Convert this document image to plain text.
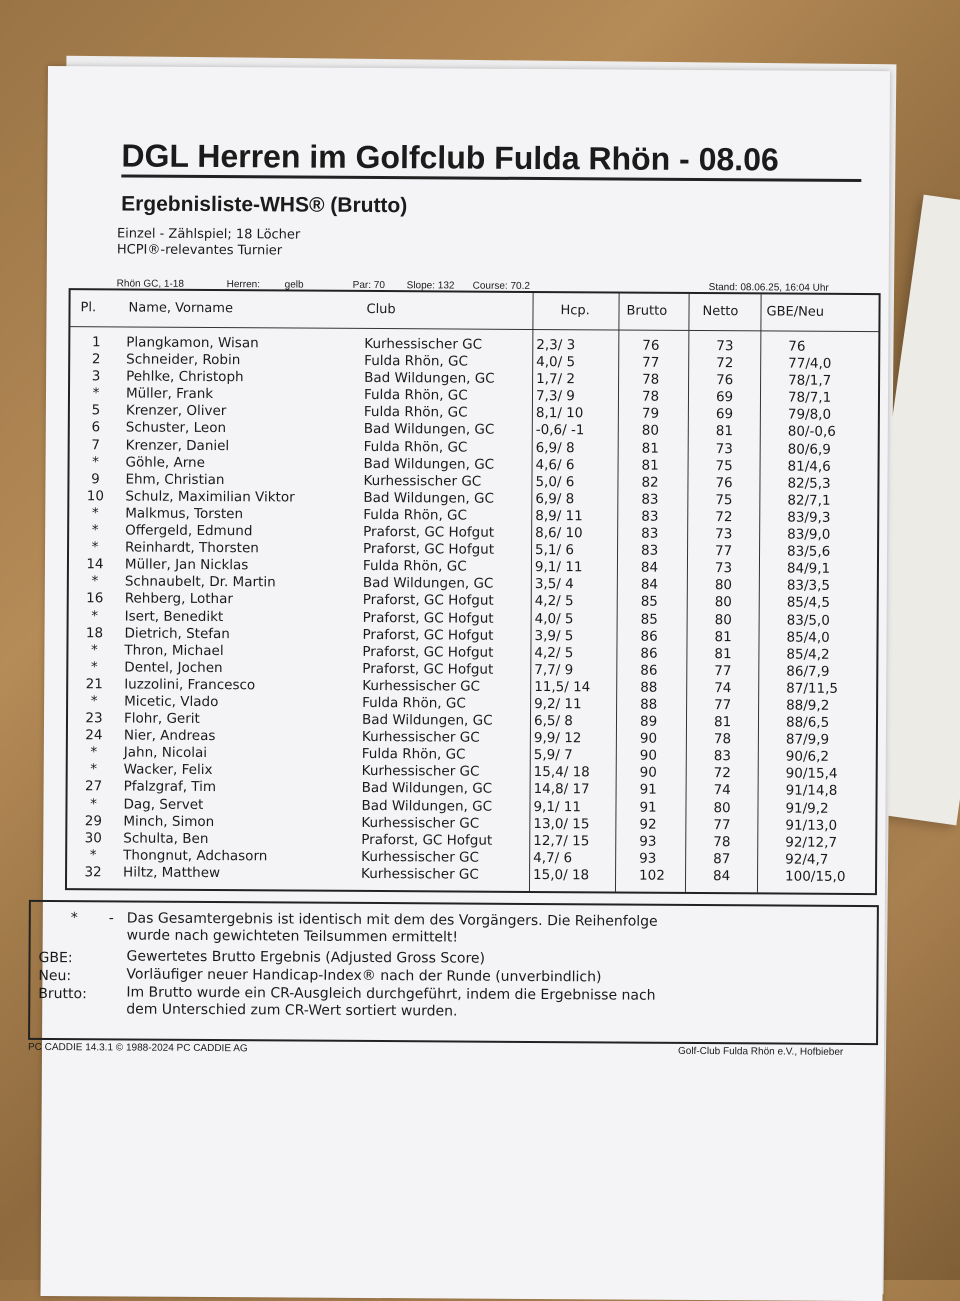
DGL Herren im Golfclub Fulda Rhön - 08.06
Ergebnisliste-WHS® (Brutto)
Einzel - Zählspiel; 18 Löcher
HCPI®-relevantes Turnier
Rhön GC, 1-18	Herren: gelb	Par: 70 Slope: 132 Course: 70.2	Stand: 08.06.25, 16:04 Uhr
Pl. Name, Vorname	Club	Hcp.	Brutto	Netto GBE/Neu
1	Plangkamon, Wisan	Kurhessischer GC	2,3/ 3	76	73	76
2	Schneider, Robin	Fulda Rhön, GC	4,0/ 5	77	72	77/4,0
3	Pehlke, Christoph	Bad Wildungen, GC	1,7/ 2	78	76	78/1,7
*	Müller, Frank	Fulda Rhön, GC	7,3/ 9	78	69	78/7,1
5	Krenzer, Oliver	Fulda Rhön, GC	8,1/ 10	79	69	79/8,0
6	Schuster, Leon	Bad Wildungen, GC	-0,6/ -1	80	81	80/-0,6
7	Krenzer, Daniel	Fulda Rhön, GC	6,9/ 8	81	73	80/6,9
*	Göhle, Arne	Bad Wildungen, GC	4,6/ 6	81	75	81/4,6
9	Ehm, Christian	Kurhessischer GC	5,0/ 6	82	76	82/5,3
10	Schulz, Maximilian Viktor	Bad Wildungen, GC	6,9/ 8	83	75	82/7,1
*	Malkmus, Torsten	Fulda Rhön, GC	8,9/ 11	83	72	83/9,3
*	Offergeld, Edmund	Praforst, GC Hofgut	8,6/ 10	83	73	83/9,0
*	Reinhardt, Thorsten	Praforst, GC Hofgut	5,1/ 6	83	77	83/5,6
14	Müller, Jan Nicklas	Fulda Rhön, GC	9,1/ 11	84	73	84/9,1
*	Schnaubelt, Dr. Martin	Bad Wildungen, GC	3,5/ 4	84	80	83/3,5
16	Rehberg, Lothar	Praforst, GC Hofgut	4,2/ 5	85	80	85/4,5
*	Isert, Benedikt	Praforst, GC Hofgut	4,0/ 5	85	80	83/5,0
18	Dietrich, Stefan	Praforst, GC Hofgut	3,9/ 5	86	81	85/4,0
*	Thron, Michael	Praforst, GC Hofgut	4,2/ 5	86	81	85/4,2
*	Dentel, Jochen	Praforst, GC Hofgut	7,7/ 9	86	77	86/7,9
21	Iuzzolini, Francesco	Kurhessischer GC	11,5/ 14	88	74	87/11,5
*	Micetic, Vlado	Fulda Rhön, GC	9,2/ 11	88	77	88/9,2
23	Flohr, Gerit	Bad Wildungen, GC	6,5/ 8	89	81	88/6,5
24	Nier, Andreas	Kurhessischer GC	9,9/ 12	90	78	87/9,9
*	Jahn, Nicolai	Fulda Rhön, GC	5,9/ 7	90	83	90/6,2
*	Wacker, Felix	Kurhessischer GC	15,4/ 18	90	72	90/15,4
27	Pfalzgraf, Tim	Bad Wildungen, GC	14,8/ 17	91	74	91/14,8
*	Dag, Servet	Bad Wildungen, GC	9,1/ 11	91	80	91/9,2
29	Minch, Simon	Kurhessischer GC	13,0/ 15	92	77	91/13,0
30	Schulta, Ben	Praforst, GC Hofgut	12,7/ 15	93	78	92/12,7
*	Thongnut, Adchasorn	Kurhessischer GC	4,7/ 6	93	87	92/4,7
32	Hiltz, Matthew	Kurhessischer GC	15,0/ 18	102	84	100/15,0
* - Das Gesamtergebnis ist identisch mit dem des Vorgängers. Die Reihenfolge wurde nach gewichteten Teilsummen ermittelt!
GBE:	Gewertetes Brutto Ergebnis (Adjusted Gross Score)
Neu:	Vorläufiger neuer Handicap-Index® nach der Runde (unverbindlich)
Brutto:	Im Brutto wurde ein CR-Ausgleich durchgeführt, indem die Ergebnisse nach dem Unterschied zum CR-Wert sortiert wurden.
PC CADDIE 14.3.1 © 1988-2024 PC CADDIE AG	Golf-Club Fulda Rhön e.V., Hofbieber
